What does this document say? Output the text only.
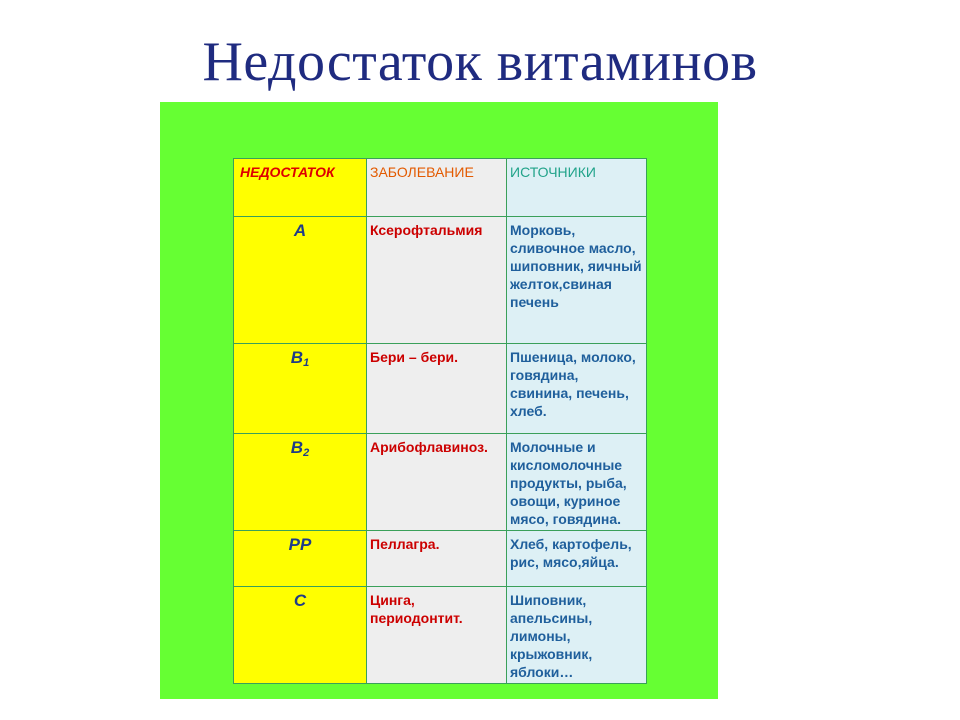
Недостаток витаминов
НЕДОСТАТОК	ЗАБОЛЕВАНИЕ	ИСТОЧНИКИ
А	Ксерофтальмия	Морковь, сливочное масло, шиповник, яичный желток,свиная печень
$В_1$	Бери – бери.	Пшеница, молоко, говядина, свинина, печень, хлеб.
$В_2$	Арибофлавиноз.	Молочные и кисломолочные продукты, рыба, овощи, куриное мясо, говядина.
РР	Пеллагра.	Хлеб, картофель, рис, мясо,яйца.
С	Цинга, периодонтит.	Шиповник, апельсины, лимоны, крыжовник, яблоки…
